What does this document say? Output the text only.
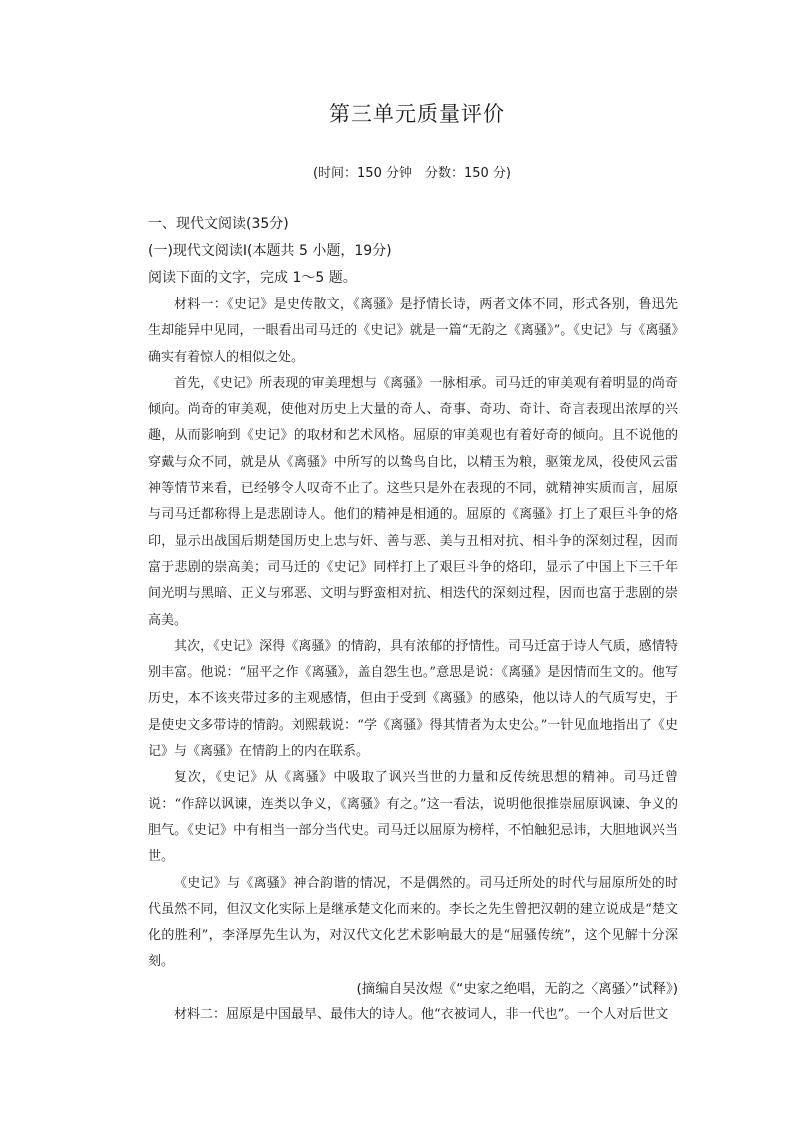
第三单元质量评价
(时间：150 分钟　分数：150 分)
一、现代文阅读(35分)
(一)现代文阅读Ⅰ(本题共 5 小题，19分)
阅读下面的文字，完成 1～5 题。

材料一：《史记》是史传散文，《离骚》是抒情长诗，两者文体不同，形式各别，鲁迅先生却能异中见同，一眼看出司马迁的《史记》就是一篇“无韵之《离骚》”。《史记》与《离骚》确实有着惊人的相似之处。

首先，《史记》所表现的审美理想与《离骚》一脉相承。司马迁的审美观有着明显的尚奇倾向。尚奇的审美观，使他对历史上大量的奇人、奇事、奇功、奇计、奇言表现出浓厚的兴趣，从而影响到《史记》的取材和艺术风格。屈原的审美观也有着好奇的倾向。且不说他的穿戴与众不同，就是从《离骚》中所写的以鸷鸟自比，以精玉为粮，驱策龙凤，役使风云雷神等情节来看，已经够令人叹奇不止了。这些只是外在表现的不同，就精神实质而言，屈原与司马迁都称得上是悲剧诗人。他们的精神是相通的。屈原的《离骚》打上了艰巨斗争的烙印，显示出战国后期楚国历史上忠与奸、善与恶、美与丑相对抗、相斗争的深刻过程，因而富于悲剧的崇高美；司马迁的《史记》同样打上了艰巨斗争的烙印，显示了中国上下三千年间光明与黑暗、正义与邪恶、文明与野蛮相对抗、相迭代的深刻过程，因而也富于悲剧的崇高美。

其次，《史记》深得《离骚》的情韵，具有浓郁的抒情性。司马迁富于诗人气质，感情特别丰富。他说：“屈平之作《离骚》，盖自怨生也。”意思是说：《离骚》是因情而生文的。他写历史，本不该夹带过多的主观感情，但由于受到《离骚》的感染，他以诗人的气质写史，于是使史文多带诗的情韵。刘熙载说：“学《离骚》得其情者为太史公。”一针见血地指出了《史记》与《离骚》在情韵上的内在联系。

复次，《史记》从《离骚》中吸取了讽兴当世的力量和反传统思想的精神。司马迁曾说：“作辞以讽谏，连类以争义，《离骚》有之。”这一看法，说明他很推崇屈原讽谏、争义的胆气。《史记》中有相当一部分当代史。司马迁以屈原为榜样，不怕触犯忌讳，大胆地讽兴当世。

《史记》与《离骚》神合韵谐的情况，不是偶然的。司马迁所处的时代与屈原所处的时代虽然不同，但汉文化实际上是继承楚文化而来的。李长之先生曾把汉朝的建立说成是“楚文化的胜利”，李泽厚先生认为，对汉代文化艺术影响最大的是“屈骚传统”，这个见解十分深刻。

(摘编自吴汝煜《“史家之绝唱，无韵之〈离骚〉”试释》)

材料二：屈原是中国最早、最伟大的诗人。他“衣被词人，非一代也”。一个人对后世文
